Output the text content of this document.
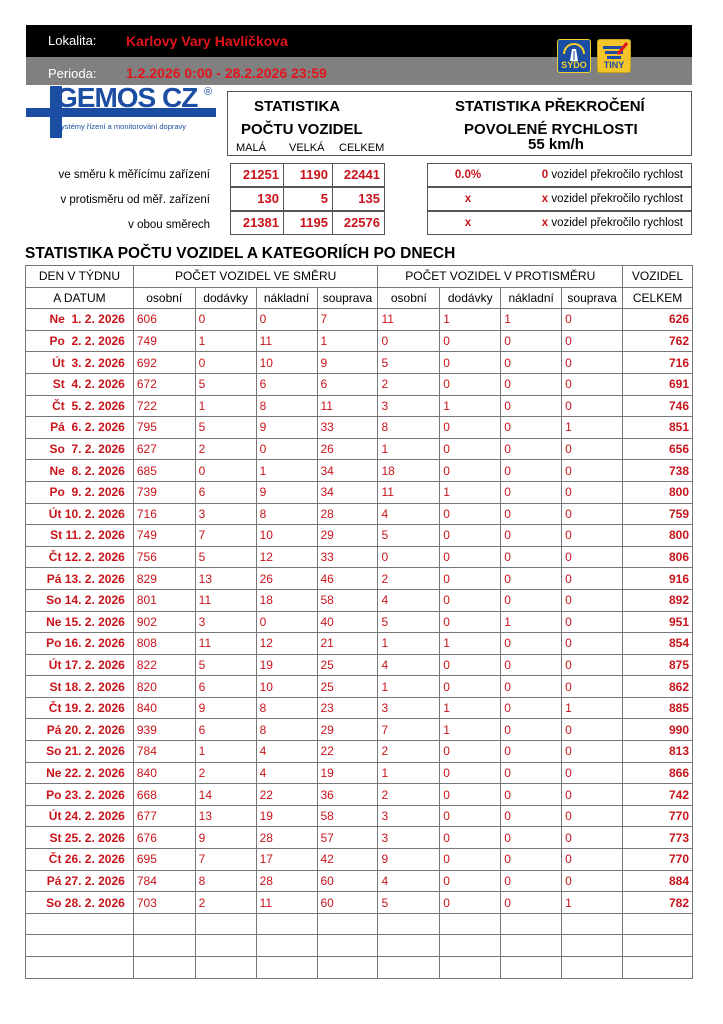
Lokalita: Karlovy Vary Havlíčkova
Perioda: 1.2.2026 0:00 - 28.2.2026 23:59	SYDO	TINY
GEMOS CZ ®
Systémy řízení a monitorování dopravy
STATISTIKA
POČTU VOZIDEL
MALÁ VELKÁ CELKEM
STATISTIKA PŘEKROČENÍ
POVOLENÉ RYCHLOSTI
55 km/h
ve směru k měřícímu zařízení	21251	1190	22441	0.0%	0 vozidel překročilo rychlost
v protisměru od měř. zařízení	130	5	135	x	x vozidel překročilo rychlost
v obou směrech	21381	1195	22576	x	x vozidel překročilo rychlost
STATISTIKA POČTU VOZIDEL A KATEGORIÍCH PO DNECH
DEN V TÝDNU	POČET VOZIDEL VE SMĚRU				POČET VOZIDEL V PROTISMĚRU				VOZIDEL
A DATUM	osobní	dodávky	nákladní	souprava	osobní	dodávky	nákladní	souprava	CELKEM
Ne  1. 2. 2026	606	0	0	7	11	1	1	0	626
Po  2. 2. 2026	749	1	11	1	0	0	0	0	762
Út  3. 2. 2026	692	0	10	9	5	0	0	0	716
St  4. 2. 2026	672	5	6	6	2	0	0	0	691
Čt  5. 2. 2026	722	1	8	11	3	1	0	0	746
Pá  6. 2. 2026	795	5	9	33	8	0	0	1	851
So  7. 2. 2026	627	2	0	26	1	0	0	0	656
Ne  8. 2. 2026	685	0	1	34	18	0	0	0	738
Po  9. 2. 2026	739	6	9	34	11	1	0	0	800
Út 10. 2. 2026	716	3	8	28	4	0	0	0	759
St 11. 2. 2026	749	7	10	29	5	0	0	0	800
Čt 12. 2. 2026	756	5	12	33	0	0	0	0	806
Pá 13. 2. 2026	829	13	26	46	2	0	0	0	916
So 14. 2. 2026	801	11	18	58	4	0	0	0	892
Ne 15. 2. 2026	902	3	0	40	5	0	1	0	951
Po 16. 2. 2026	808	11	12	21	1	1	0	0	854
Út 17. 2. 2026	822	5	19	25	4	0	0	0	875
St 18. 2. 2026	820	6	10	25	1	0	0	0	862
Čt 19. 2. 2026	840	9	8	23	3	1	0	1	885
Pá 20. 2. 2026	939	6	8	29	7	1	0	0	990
So 21. 2. 2026	784	1	4	22	2	0	0	0	813
Ne 22. 2. 2026	840	2	4	19	1	0	0	0	866
Po 23. 2. 2026	668	14	22	36	2	0	0	0	742
Út 24. 2. 2026	677	13	19	58	3	0	0	0	770
St 25. 2. 2026	676	9	28	57	3	0	0	0	773
Čt 26. 2. 2026	695	7	17	42	9	0	0	0	770
Pá 27. 2. 2026	784	8	28	60	4	0	0	0	884
So 28. 2. 2026	703	2	11	60	5	0	0	1	782
